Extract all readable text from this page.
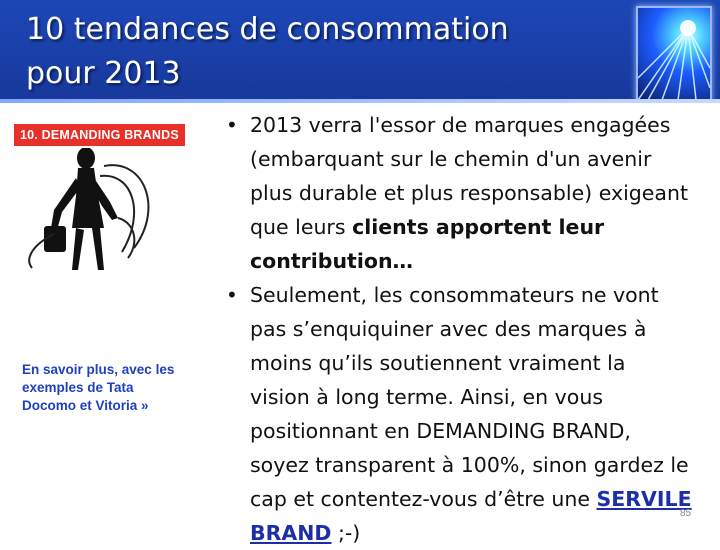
10 tendances de consommation
pour 2013
10. DEMANDING BRANDS
En savoir plus, avec les
exemples de Tata
Docomo et Vitoria »
• 2013 verra l'essor de marques engagées
(embarquant sur le chemin d'un avenir
plus durable et plus responsable) exigeant
que leurs clients apportent leur
contribution…
• Seulement, les consommateurs ne vont
pas s’enquiquiner avec des marques à
moins qu’ils soutiennent vraiment la
vision à long terme. Ainsi, en vous
positionnant en DEMANDING BRAND,
soyez transparent à 100%, sinon gardez le
cap et contentez-vous d’être une SERVILE
BRAND ;-)
85
